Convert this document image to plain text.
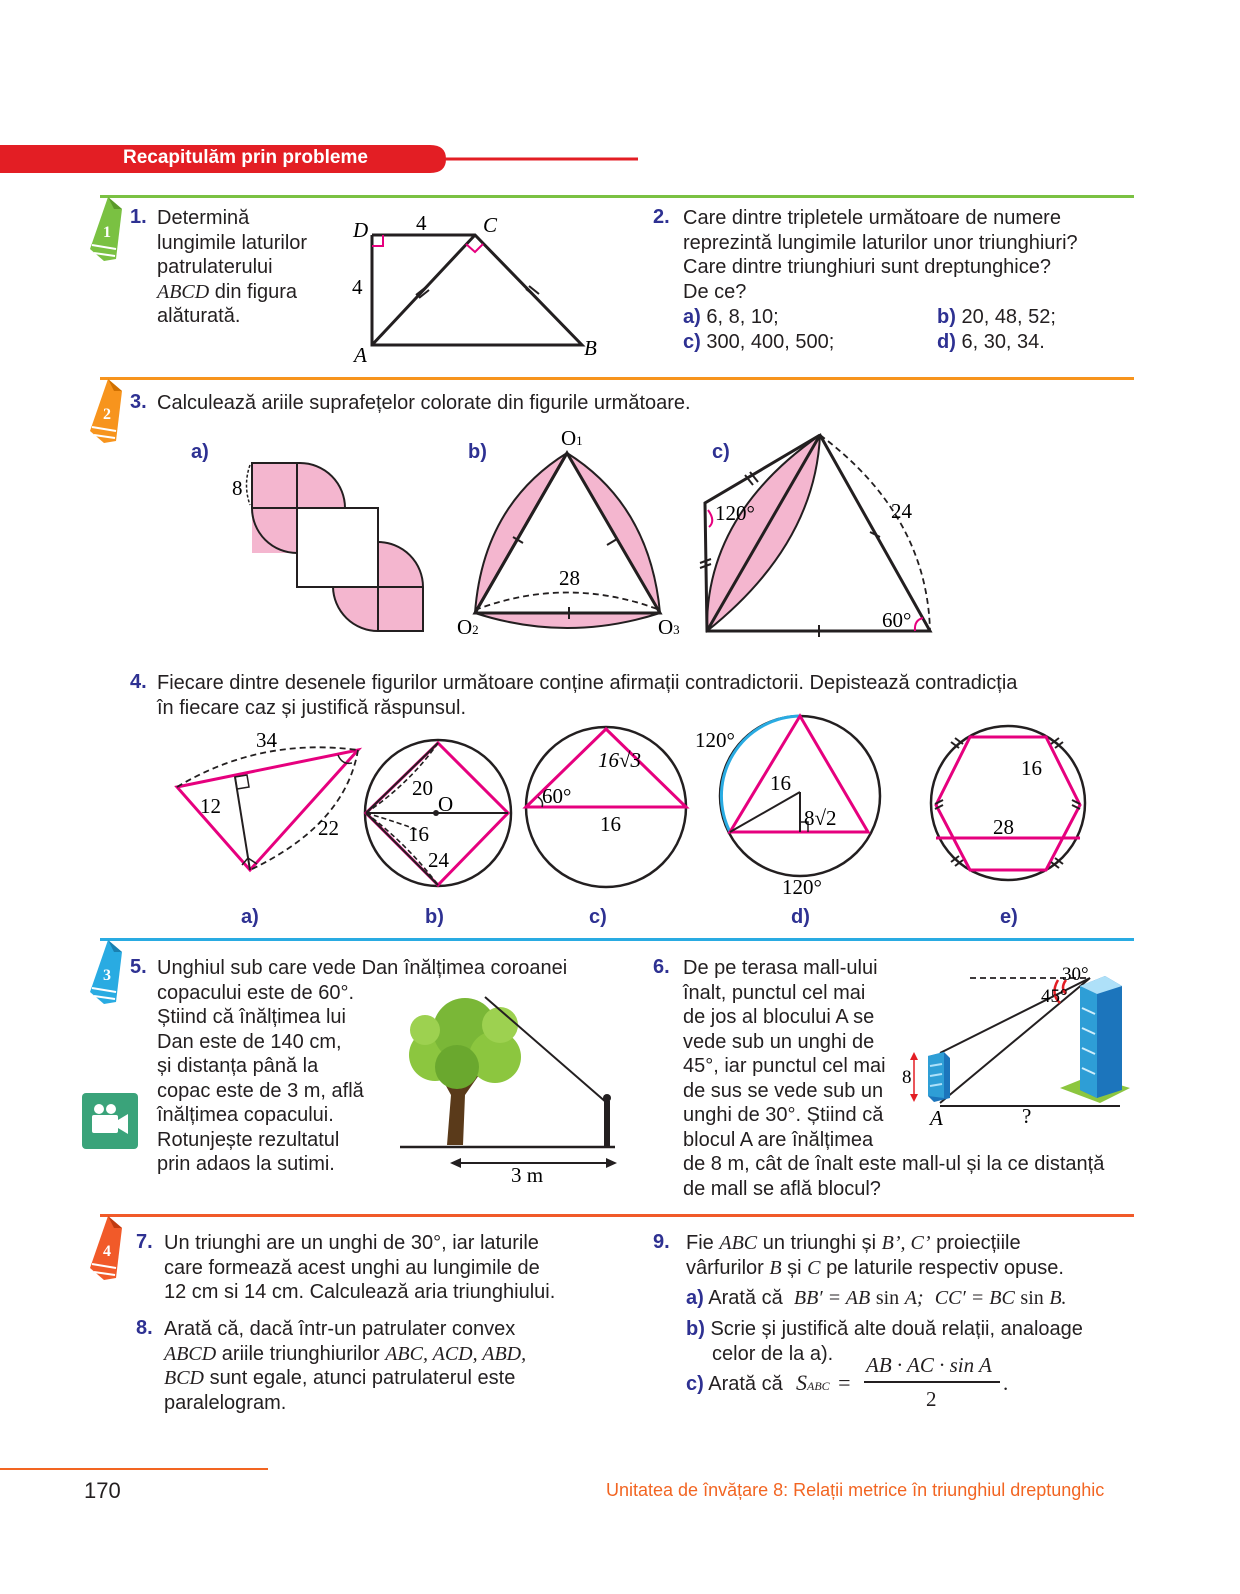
Recapitulăm prin probleme
1
2
3
4
1. Determină
lungimile laturilor
patrulaterului
ABCD din figura
alăturată.
D	C
A	B
4
4
2. Care dintre tripletele următoare de numere
reprezintă lungimile laturilor unor triunghiuri?
Care dintre triunghiuri sunt dreptunghice?
De ce?
a) 6, 8, 10;	b) 20, 48, 52;
c) 300, 400, 500;	d) 6, 30, 34.
3. Calculează ariile suprafețelor colorate din figurile următoare.
a)	b)	c)
8
O1
O2	O3
28
120°
60°
24
4. Fiecare dintre desenele figurilor următoare conține afirmații contradictorii. Depistează contradicția
în fiecare caz și justifică răspunsul.
34
12
22
a)
20
O
16
24
b)
60°
16√3
16
c)
120°
16
8√2
120°
d)
16
28
e)
5. Unghiul sub care vede Dan înălțimea coroanei
copacului este de 60°.
Știind că înălțimea lui
Dan este de 140 cm,
și distanța până la
copac este de 3 m, află
înălțimea copacului.
Rotunjește rezultatul
prin adaos la sutimi.	3 m
6. De pe terasa mall-ului
înalt, punctul cel mai
de jos al blocului A se
vede sub un unghi de
45°, iar punctul cel mai
de sus se vede sub un
unghi de 30°. Știind că
blocul A are înălțimea
de 8 m, cât de înalt este mall-ul și la ce distanță
de mall se află blocul?
30°
45°
8
A	?
7. Un triunghi are un unghi de 30°, iar laturile
care formează acest unghi au lungimile de
12 cm si 14 cm. Calculează aria triunghiului.
8. Arată că, dacă într-un patrulater convex
ABCD ariile triunghiurilor ABC, ACD, ABD,
BCD sunt egale, atunci patrulaterul este
paralelogram.
9. Fie ABC un triunghi și B’, C’ proiecțiile
vârfurilor B și C pe laturile respectiv opuse.
a) Arată că BB′ = AB sin A; CC′ = BC sin B.
b) Scrie și justifică alte două relații, analoage
celor de la a).
c) Arată că SABC =
AB · AC · sin A
2
.
170	Unitatea de învățare 8: Relații metrice în triunghiul dreptunghic
